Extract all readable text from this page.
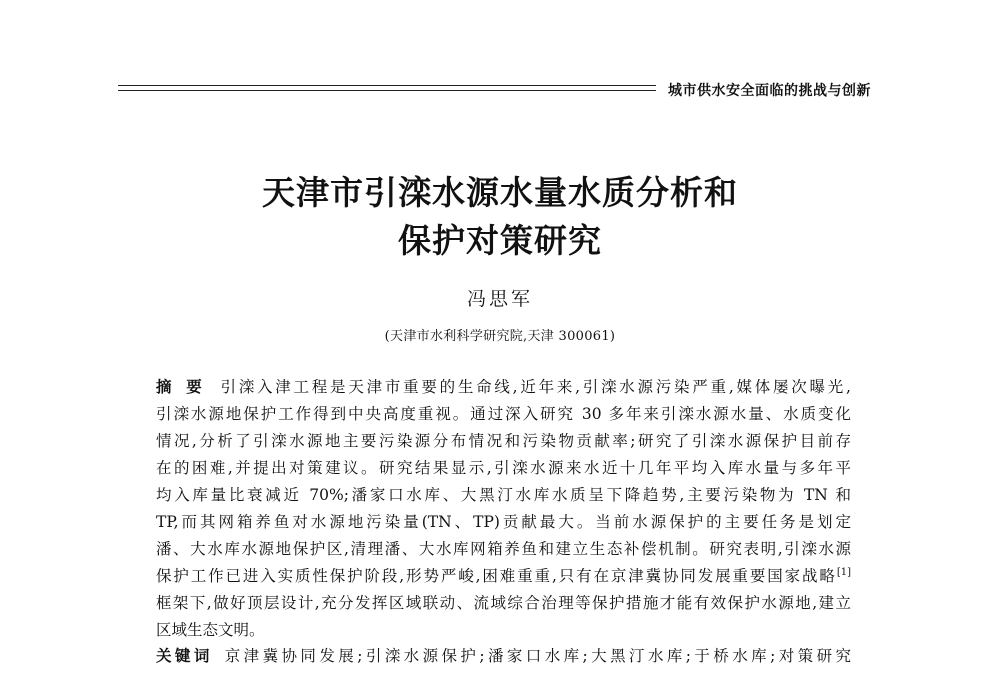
城市供水安全面临的挑战与创新
天津市引滦水源水量水质分析和
保护对策研究
冯思军
(天津市水利科学研究院,天津 300061)
摘要 引滦入津工程是天津市重要的生命线,近年来,引滦水源污染严重,媒体屡次曝光,
引滦水源地保护工作得到中央高度重视。通过深入研究 30 多年来引滦水源水量、水质变化
情况,分析了引滦水源地主要污染源分布情况和污染物贡献率;研究了引滦水源保护目前存
在的困难,并提出对策建议。研究结果显示,引滦水源来水近十几年平均入库水量与多年平
均入库量比衰减近 70%;潘家口水库、大黑汀水库水质呈下降趋势,主要污染物为 TN 和
TP,而其网箱养鱼对水源地污染量(TN、TP)贡献最大。当前水源保护的主要任务是划定
潘、大水库水源地保护区,清理潘、大水库网箱养鱼和建立生态补偿机制。研究表明,引滦水源
保护工作已进入实质性保护阶段,形势严峻,困难重重,只有在京津冀协同发展重要国家战略[1]
框架下,做好顶层设计,充分发挥区域联动、流域综合治理等保护措施才能有效保护水源地,建立
区域生态文明。
关键词 京津冀协同发展;引滦水源保护;潘家口水库;大黑汀水库;于桥水库;对策研究
